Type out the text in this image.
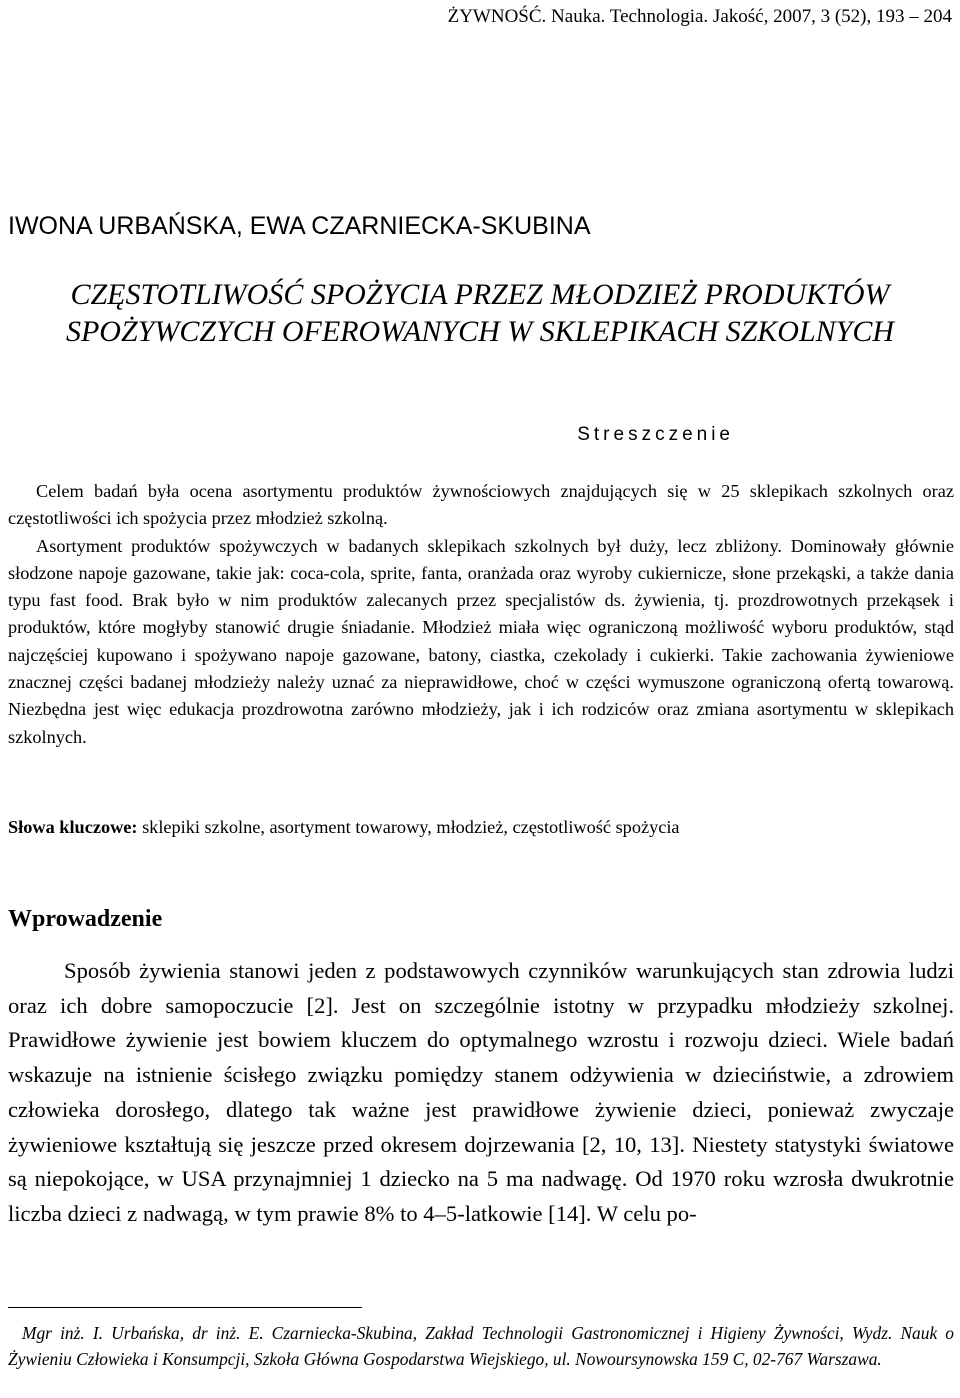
ŻYWNOŚĆ. Nauka. Technologia. Jakość, 2007, 3 (52), 193 – 204
IWONA URBAŃSKA, EWA CZARNIECKA-SKUBINA
CZĘSTOTLIWOŚĆ SPOŻYCIA PRZEZ MŁODZIEŻ PRODUKTÓW
SPOŻYWCZYCH OFEROWANYCH W SKLEPIKACH SZKOLNYCH
Streszczenie

Celem badań była ocena asortymentu produktów żywnościowych znajdujących się w 25 sklepikach szkolnych oraz częstotliwości ich spożycia przez młodzież szkolną.

Asortyment produktów spożywczych w badanych sklepikach szkolnych był duży, lecz zbliżony. Dominowały głównie słodzone napoje gazowane, takie jak: coca-cola, sprite, fanta, oranżada oraz wyroby cukiernicze, słone przekąski, a także dania typu fast food. Brak było w nim produktów zalecanych przez specjalistów ds. żywienia, tj. prozdrowotnych przekąsek i produktów, które mogłyby stanowić drugie śniadanie. Młodzież miała więc ograniczoną możliwość wyboru produktów, stąd najczęściej kupowano i spożywano napoje gazowane, batony, ciastka, czekolady i cukierki. Takie zachowania żywieniowe znacznej części badanej młodzieży należy uznać za nieprawidłowe, choć w części wymuszone ograniczoną ofertą towarową. Niezbędna jest więc edukacja prozdrowotna zarówno młodzieży, jak i ich rodziców oraz zmiana asortymentu w sklepikach szkolnych.

Słowa kluczowe: sklepiki szkolne, asortyment towarowy, młodzież, częstotliwość spożycia
Wprowadzenie

Sposób żywienia stanowi jeden z podstawowych czynników warunkujących stan zdrowia ludzi oraz ich dobre samopoczucie [2]. Jest on szczególnie istotny w przypadku młodzieży szkolnej. Prawidłowe żywienie jest bowiem kluczem do optymalnego wzrostu i rozwoju dzieci. Wiele badań wskazuje na istnienie ścisłego związku pomiędzy stanem odżywienia w dzieciństwie, a zdrowiem człowieka dorosłego, dlatego tak ważne jest prawidłowe żywienie dzieci, ponieważ zwyczaje żywieniowe kształtują się jeszcze przed okresem dojrzewania [2, 10, 13]. Niestety statystyki światowe są niepokojące, w USA przynajmniej 1 dziecko na 5 ma nadwagę. Od 1970 roku wzrosła dwukrotnie liczba dzieci z nadwagą, w tym prawie 8% to 4–5-latkowie [14]. W celu po-

Mgr inż. I. Urbańska, dr inż. E. Czarniecka-Skubina, Zakład Technologii Gastronomicznej i Higieny Żywności, Wydz. Nauk o Żywieniu Człowieka i Konsumpcji, Szkoła Główna Gospodarstwa Wiejskiego, ul. Nowoursynowska 159 C, 02-767 Warszawa.
